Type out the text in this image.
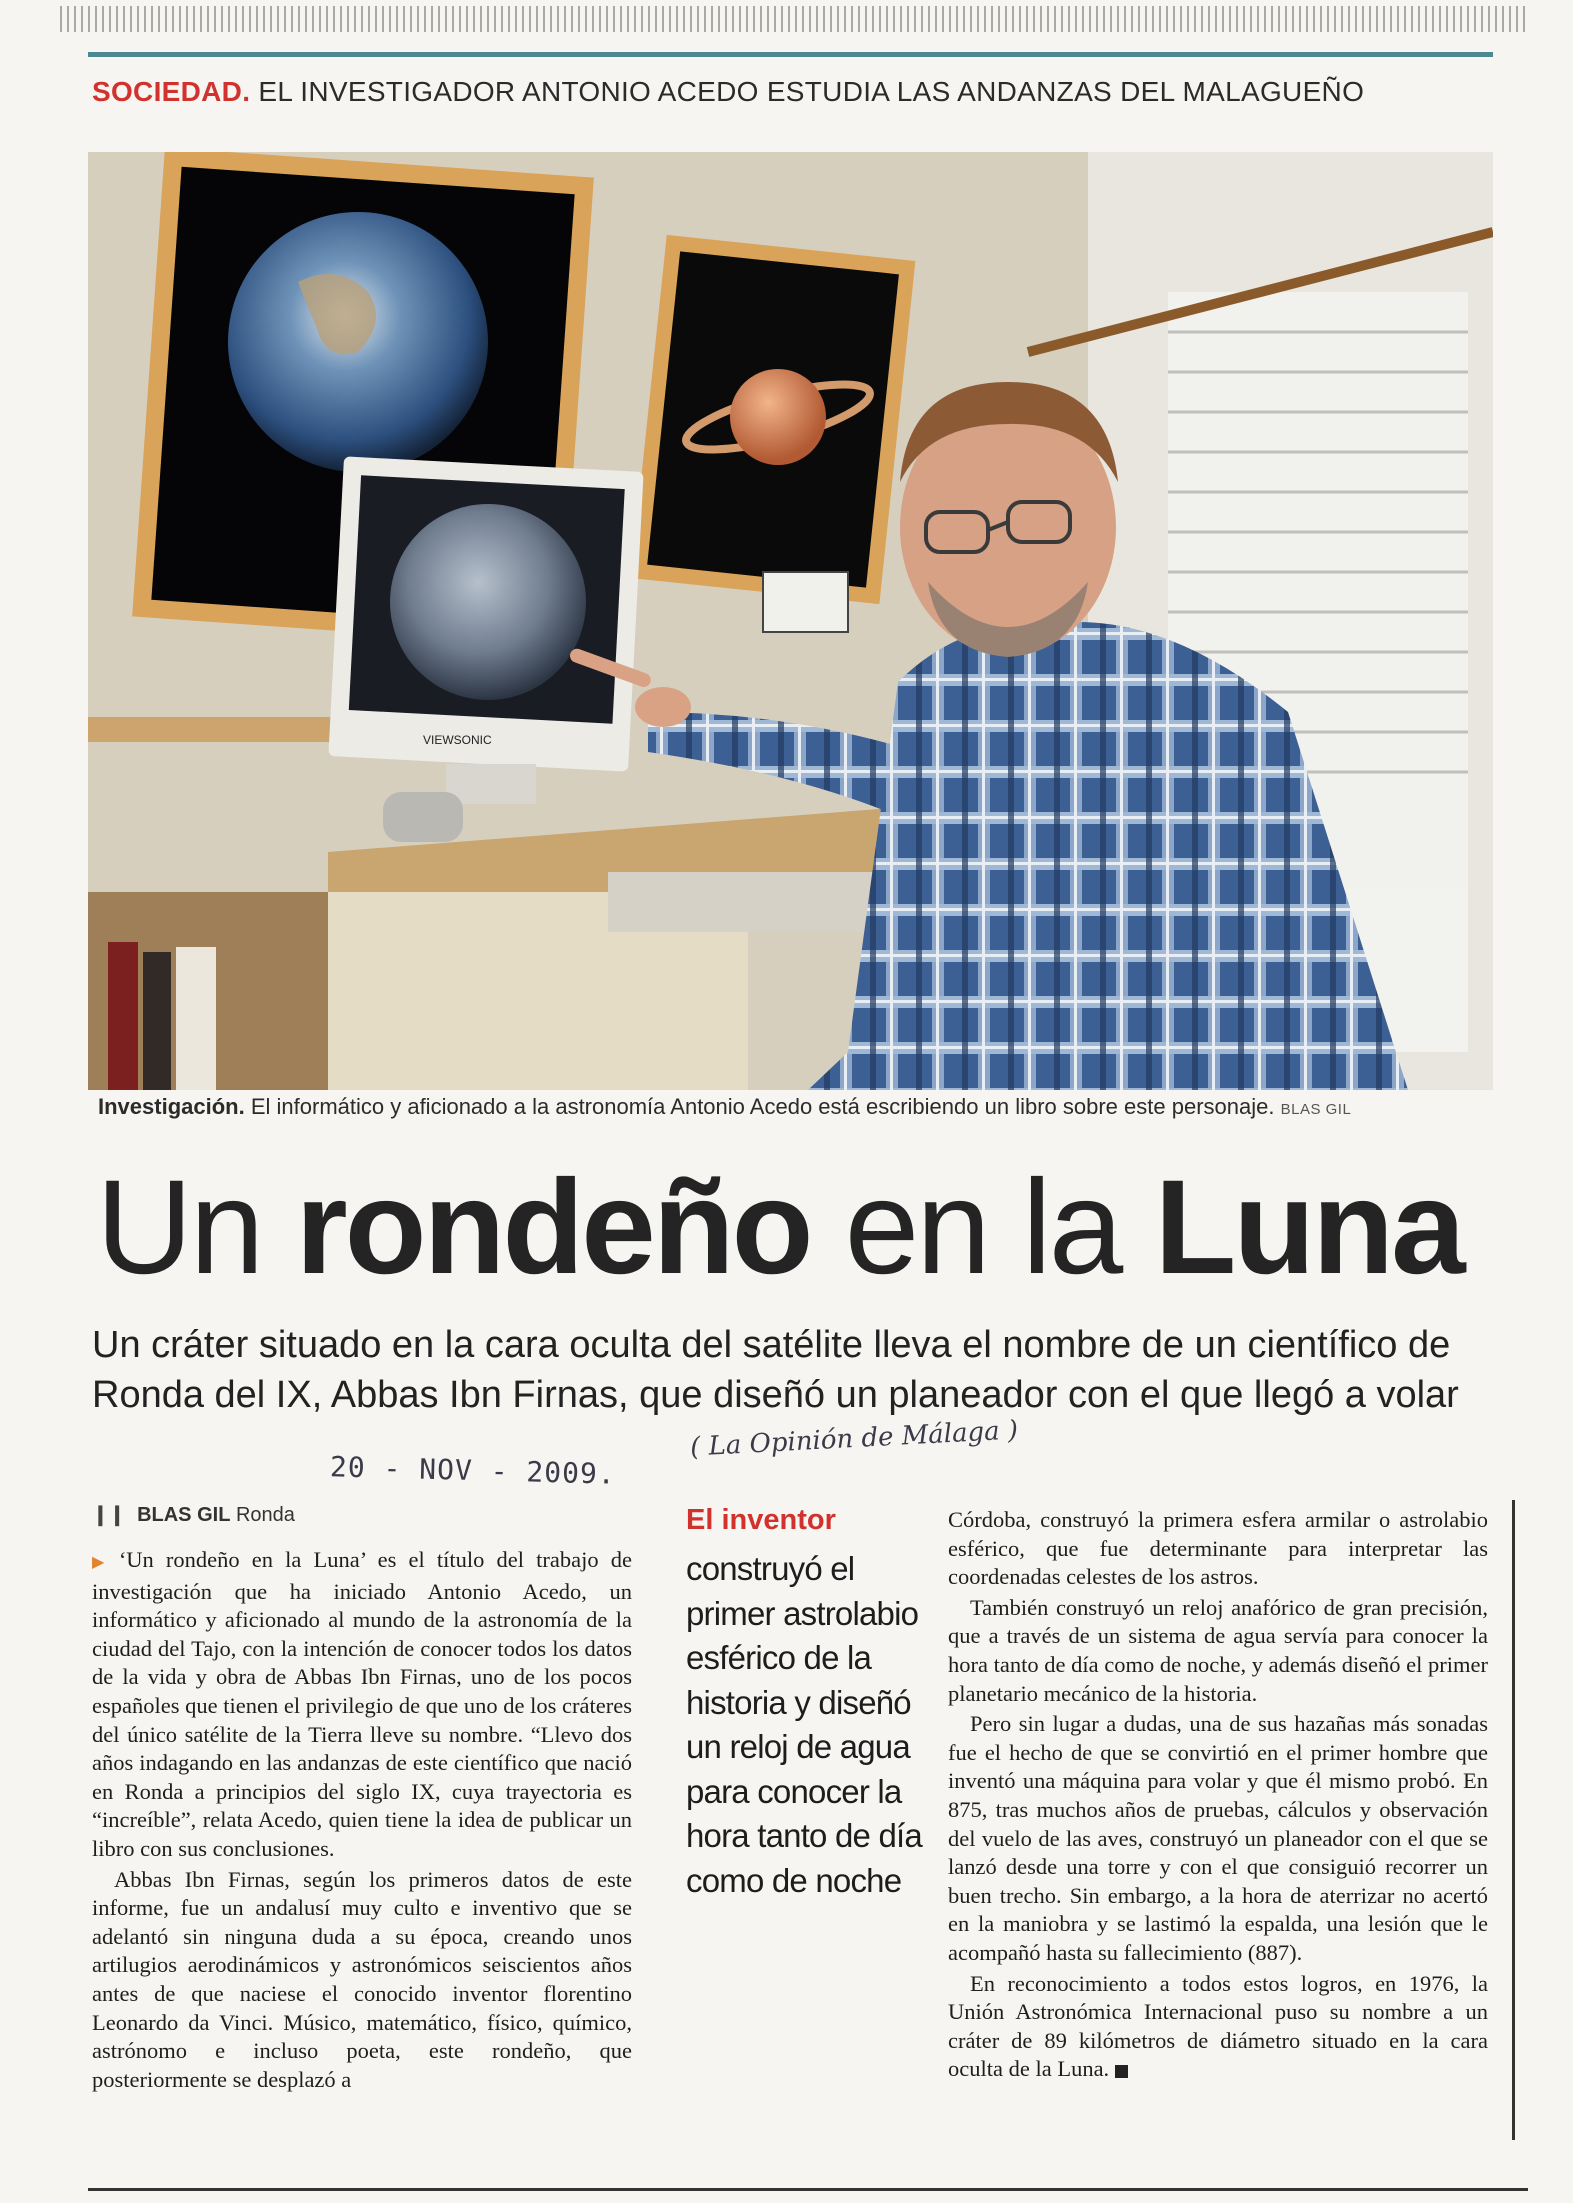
SOCIEDAD. EL INVESTIGADOR ANTONIO ACEDO ESTUDIA LAS ANDANZAS DEL MALAGUEÑO
VIEWSONIC
Investigación. El informático y aficionado a la astronomía Antonio Acedo está escribiendo un libro sobre este personaje. BLAS GIL
Un rondeño en la Luna
Un cráter situado en la cara oculta del satélite lleva el nombre de un científico de Ronda del IX, Abbas Ibn Firnas, que diseñó un planeador con el que llegó a volar
20 - NOV - 2009.
( La Opinión de Málaga )
❙❙ BLAS GIL Ronda

▶ ‘Un rondeño en la Luna’ es el título del trabajo de investigación que ha iniciado Antonio Acedo, un informático y aficionado al mundo de la astronomía de la ciudad del Tajo, con la intención de conocer todos los datos de la vida y obra de Abbas Ibn Firnas, uno de los pocos españoles que tienen el privilegio de que uno de los cráteres del único satélite de la Tierra lleve su nombre. “Llevo dos años indagando en las andanzas de este científico que nació en Ronda a principios del siglo IX, cuya trayectoria es “increíble”, relata Acedo, quien tiene la idea de publicar un libro con sus conclusiones.

Abbas Ibn Firnas, según los primeros datos de este informe, fue un andalusí muy culto e inventivo que se adelantó sin ninguna duda a su época, creando unos artilugios aerodinámicos y astronómicos seiscientos años antes de que naciese el conocido inventor florentino Leonardo da Vinci. Músico, matemático, físico, químico, astrónomo e incluso poeta, este rondeño, que posteriormente se desplazó a

El inventor
construyó el primer astrolabio esférico de la historia y diseñó un reloj de agua para conocer la hora tanto de día como de noche

Córdoba, construyó la primera esfera armilar o astrolabio esférico, que fue determinante para interpretar las coordenadas celestes de los astros.

También construyó un reloj anafórico de gran precisión, que a través de un sistema de agua servía para conocer la hora tanto de día como de noche, y además diseñó el primer planetario mecánico de la historia.

Pero sin lugar a dudas, una de sus hazañas más sonadas fue el hecho de que se convirtió en el primer hombre que inventó una máquina para volar y que él mismo probó. En 875, tras muchos años de pruebas, cálculos y observación del vuelo de las aves, construyó un planeador con el que se lanzó desde una torre y con el que consiguió recorrer un buen trecho. Sin embargo, a la hora de aterrizar no acertó en la maniobra y se lastimó la espalda, una lesión que le acompañó hasta su fallecimiento (887).

En reconocimiento a todos estos logros, en 1976, la Unión Astronómica Internacional puso su nombre a un cráter de 89 kilómetros de diámetro situado en la cara oculta de la Luna.
